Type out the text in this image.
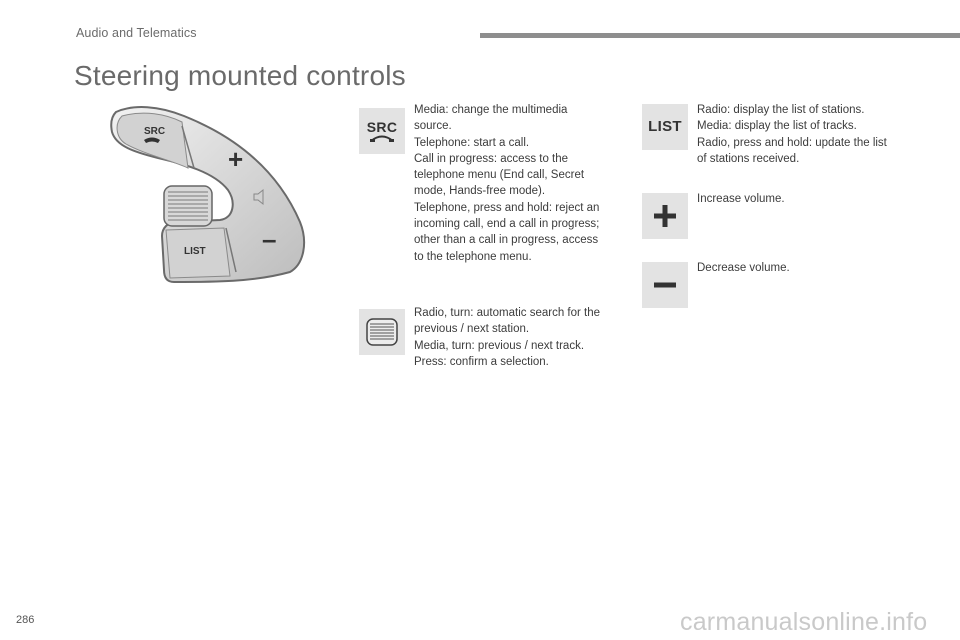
Audio and Telematics
Steering mounted controls
SRC
+
LIST –
SRC
Media: change the multimedia
source.
Telephone: start a call.
Call in progress: access to the
telephone menu (End call, Secret
mode, Hands-free mode).
Telephone, press and hold: reject an
incoming call, end a call in progress;
other than a call in progress, access
to the telephone menu.
Radio, turn: automatic search for the
previous / next station.
Media, turn: previous / next track.
Press: confirm a selection.
LIST
Radio: display the list of stations.
Media: display the list of tracks.
Radio, press and hold: update the list
of stations received.
Increase volume.
Decrease volume.
286	carmanualsonline.info
